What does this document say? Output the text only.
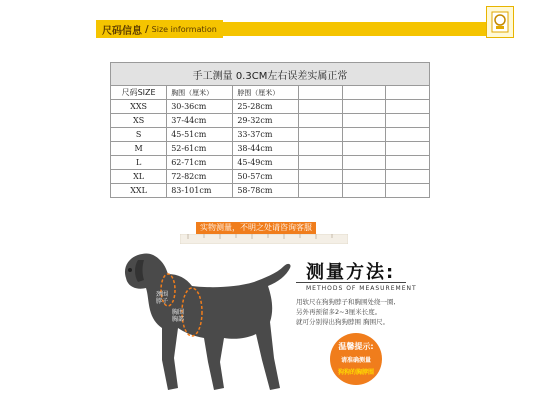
尺码信息 / Size information
手工测量 0.3CM左右误差实属正常					
尺码SIZE	胸围（厘米）	脖围（厘米）			
XXS	30-36cm	25-28cm			
XS	37-44cm	29-32cm			
S	45-51cm	33-37cm			
M	52-61cm	38-44cm			
L	62-71cm	45-49cm			
XL	72-82cm	50-57cm			
XXL	83-101cm	58-78cm			
实物测量，不明之处请咨询客服
颈围
脖子
胸围
胸部
测量方法:
METHODS OF MEASUREMENT
用软尺在狗狗脖子和胸围处绕一圈,
另外再预留多2~3厘米长度。
就可分别得出狗狗脖围 胸围尺。
温馨提示:
请准确测量
狗狗的胸脖围
